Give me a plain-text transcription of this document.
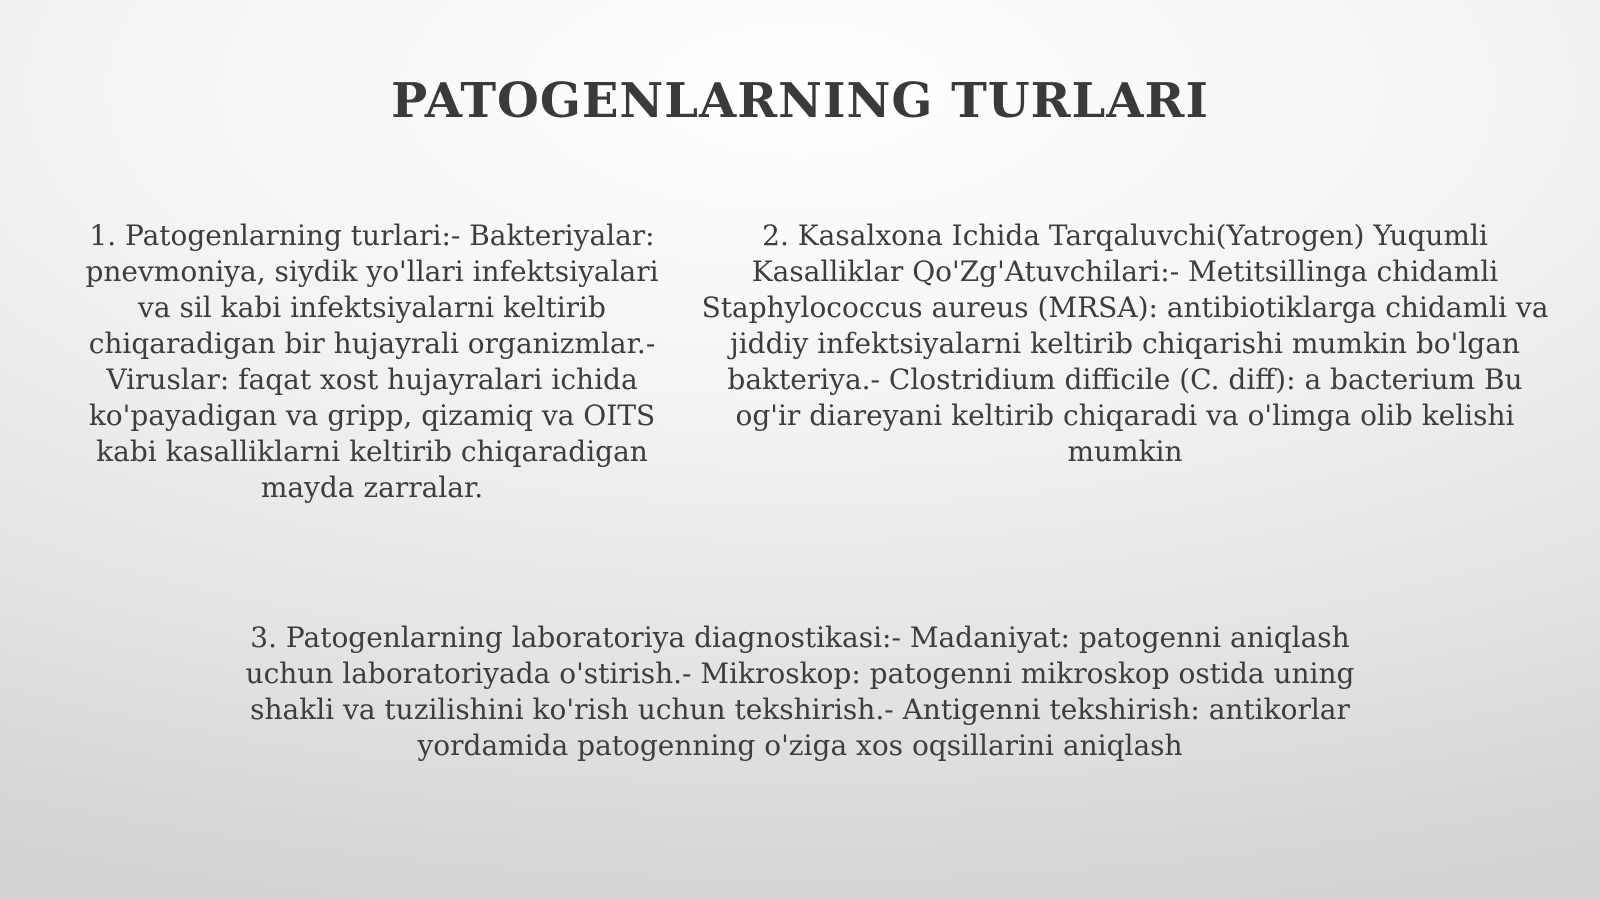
PATOGENLARNING TURLARI
1. Patogenlarning turlari:- Bakteriyalar:
pnevmoniya, siydik yo'llari infektsiyalari
va sil kabi infektsiyalarni keltirib
chiqaradigan bir hujayrali organizmlar.-
Viruslar: faqat xost hujayralari ichida
ko'payadigan va gripp, qizamiq va OITS
kabi kasalliklarni keltirib chiqaradigan
mayda zarralar.
2. Kasalxona Ichida Tarqaluvchi(Yatrogen) Yuqumli
Kasalliklar Qo'Zg'Atuvchilari:- Metitsillinga chidamli
Staphylococcus aureus (MRSA): antibiotiklarga chidamli va
jiddiy infektsiyalarni keltirib chiqarishi mumkin bo'lgan
bakteriya.- Clostridium difficile (C. diff): a bacterium Bu
og'ir diareyani keltirib chiqaradi va o'limga olib kelishi
mumkin
3. Patogenlarning laboratoriya diagnostikasi:- Madaniyat: patogenni aniqlash
uchun laboratoriyada o'stirish.- Mikroskop: patogenni mikroskop ostida uning
shakli va tuzilishini ko'rish uchun tekshirish.- Antigenni tekshirish: antikorlar
yordamida patogenning o'ziga xos oqsillarini aniqlash
